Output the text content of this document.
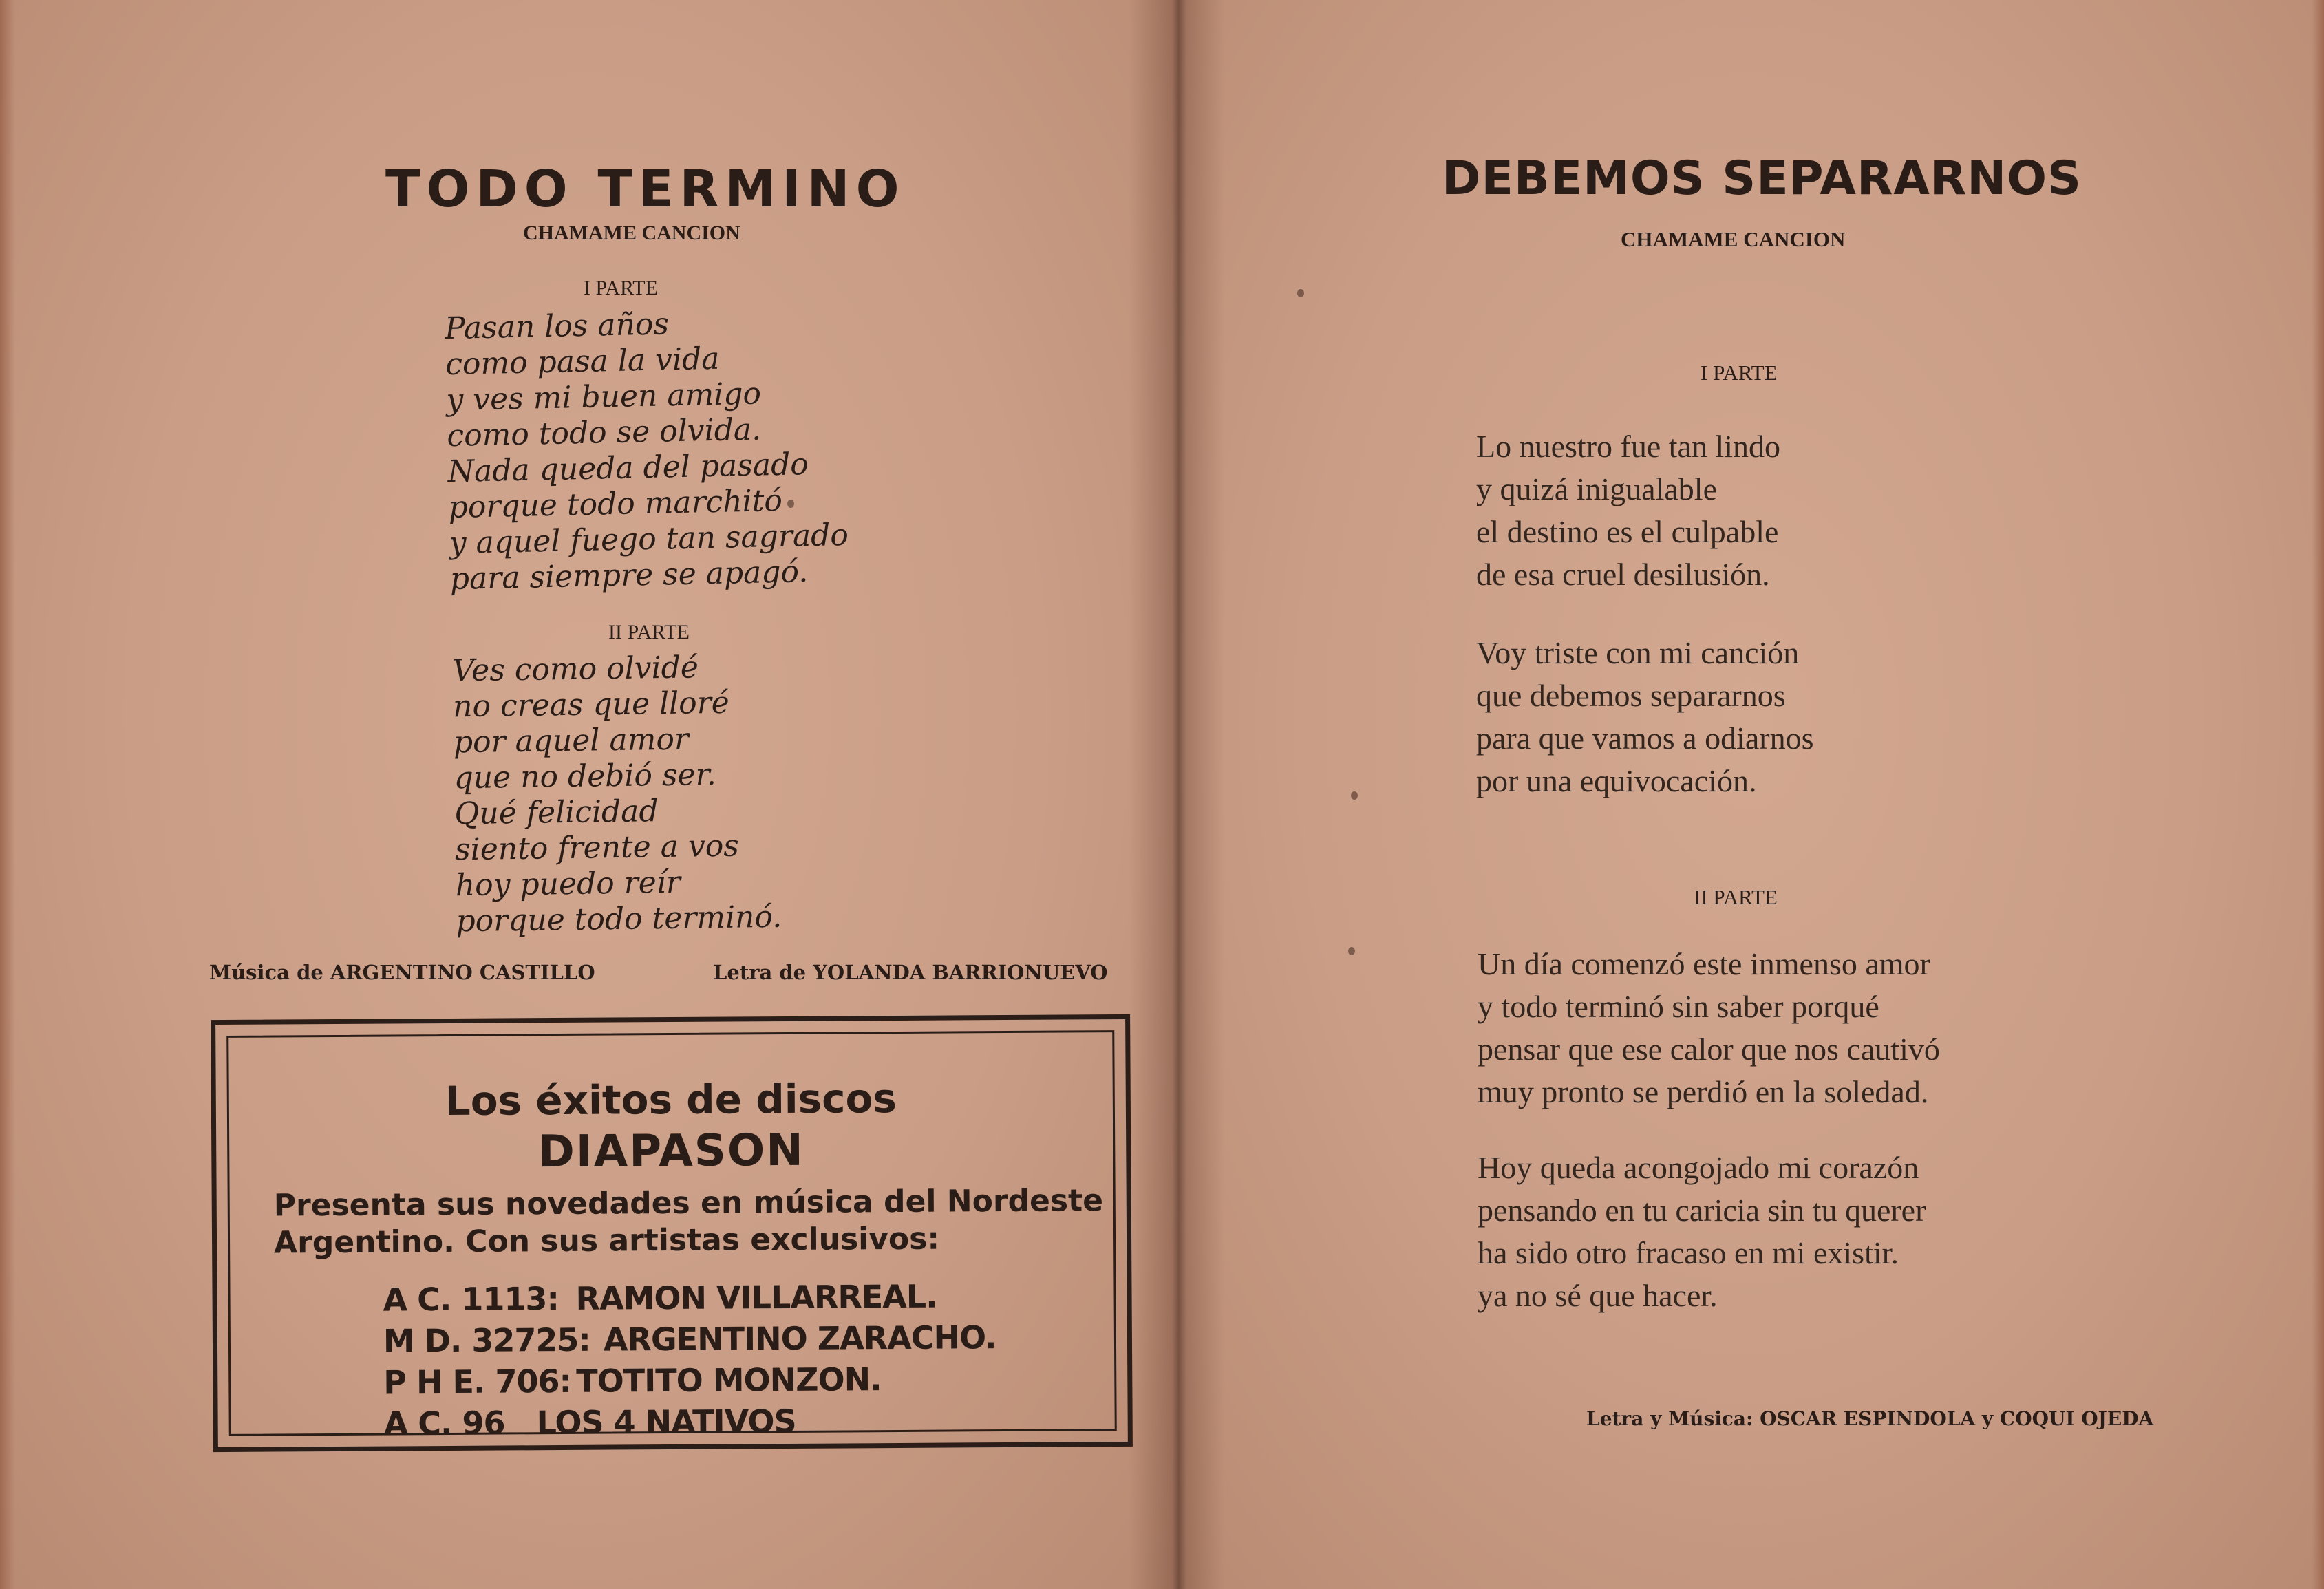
TODO TERMINO
CHAMAME CANCION
I PARTE
Pasan los años
como pasa la vida
y ves mi buen amigo
como todo se olvida.
Nada queda del pasado
porque todo marchitó
y aquel fuego tan sagrado
para siempre se apagó.
II PARTE
Ves como olvidé
no creas que lloré
por aquel amor
que no debió ser.
Qué felicidad
siento frente a vos
hoy puedo reír
porque todo terminó.
Música de ARGENTINO CASTILLO	Letra de YOLANDA BARRIONUEVO
Los éxitos de discos
DIAPASON
Presenta sus novedades en música del Nordeste Argentino. Con sus artistas exclusivos:
A C. 1113: RAMON VILLARREAL.
M D. 32725: ARGENTINO ZARACHO.
P H E. 706: TOTITO MONZON.
A C. 96 LOS 4 NATIVOS
DEBEMOS SEPARARNOS
CHAMAME CANCION
I PARTE
Lo nuestro fue tan lindo
y quizá inigualable
el destino es el culpable
de esa cruel desilusión.
Voy triste con mi canción
que debemos separarnos
para que vamos a odiarnos
por una equivocación.
II PARTE
Un día comenzó este inmenso amor
y todo terminó sin saber porqué
pensar que ese calor que nos cautivó
muy pronto se perdió en la soledad.
Hoy queda acongojado mi corazón
pensando en tu caricia sin tu querer
ha sido otro fracaso en mi existir.
ya no sé que hacer.
Letra y Música: OSCAR ESPINDOLA y COQUI OJEDA
